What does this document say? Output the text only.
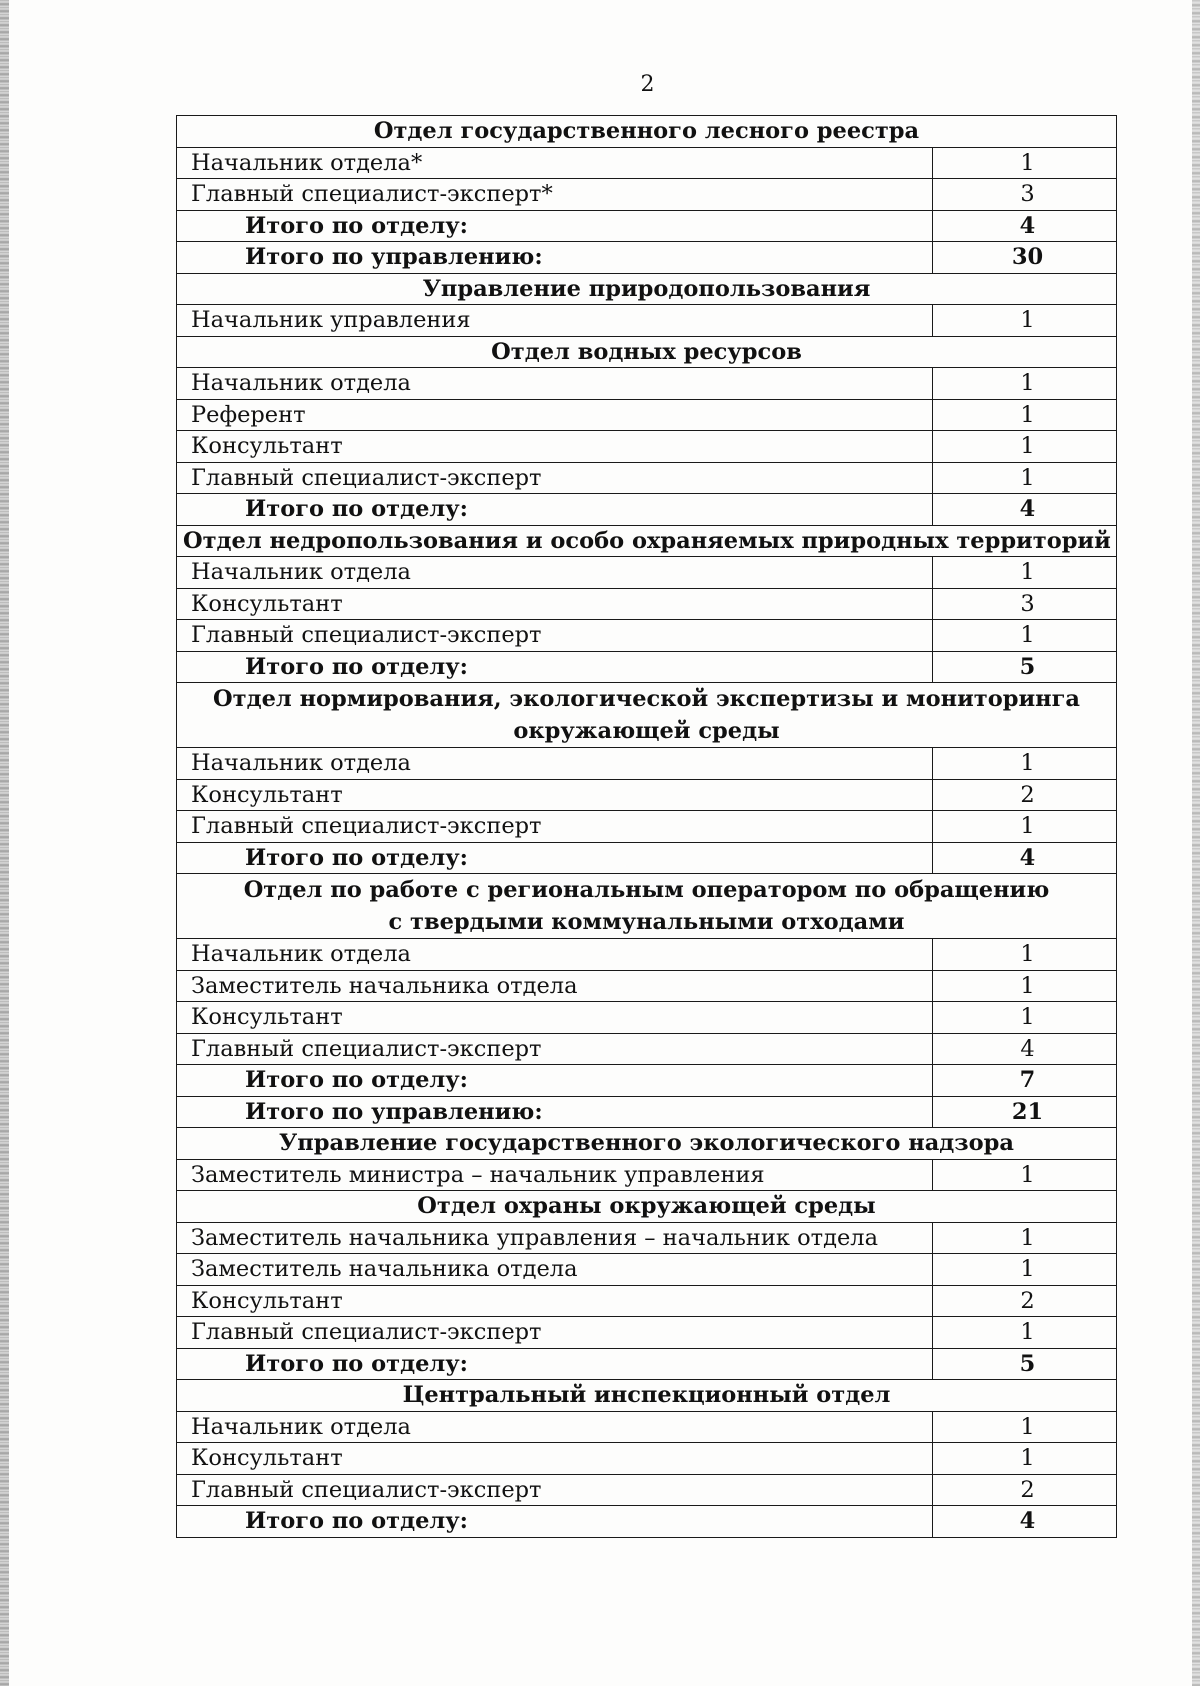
2
Отдел государственного лесного реестра	
Начальник отдела*	1
Главный специалист-эксперт*	3
Итого по отделу:	4
Итого по управлению:	30
Управление природопользования	
Начальник управления	1
Отдел водных ресурсов	
Начальник отдела	1
Референт	1
Консультант	1
Главный специалист-эксперт	1
Итого по отделу:	4
Отдел недропользования и особо охраняемых природных территорий	
Начальник отдела	1
Консультант	3
Главный специалист-эксперт	1
Итого по отделу:	5

Отдел нормирования, экологической экспертизы и мониторинга
окружающей среды	

Начальник отдела	1
Консультант	2
Главный специалист-эксперт	1
Итого по отделу:	4

Отдел по работе с региональным оператором по обращению
с твердыми коммунальными отходами	

Начальник отдела	1
Заместитель начальника отдела	1
Консультант	1
Главный специалист-эксперт	4
Итого по отделу:	7
Итого по управлению:	21
Управление государственного экологического надзора	
Заместитель министра – начальник управления	1
Отдел охраны окружающей среды	
Заместитель начальника управления – начальник отдела	1
Заместитель начальника отдела	1
Консультант	2
Главный специалист-эксперт	1
Итого по отделу:	5
Центральный инспекционный отдел	
Начальник отдела	1
Консультант	1
Главный специалист-эксперт	2
Итого по отделу:	4
